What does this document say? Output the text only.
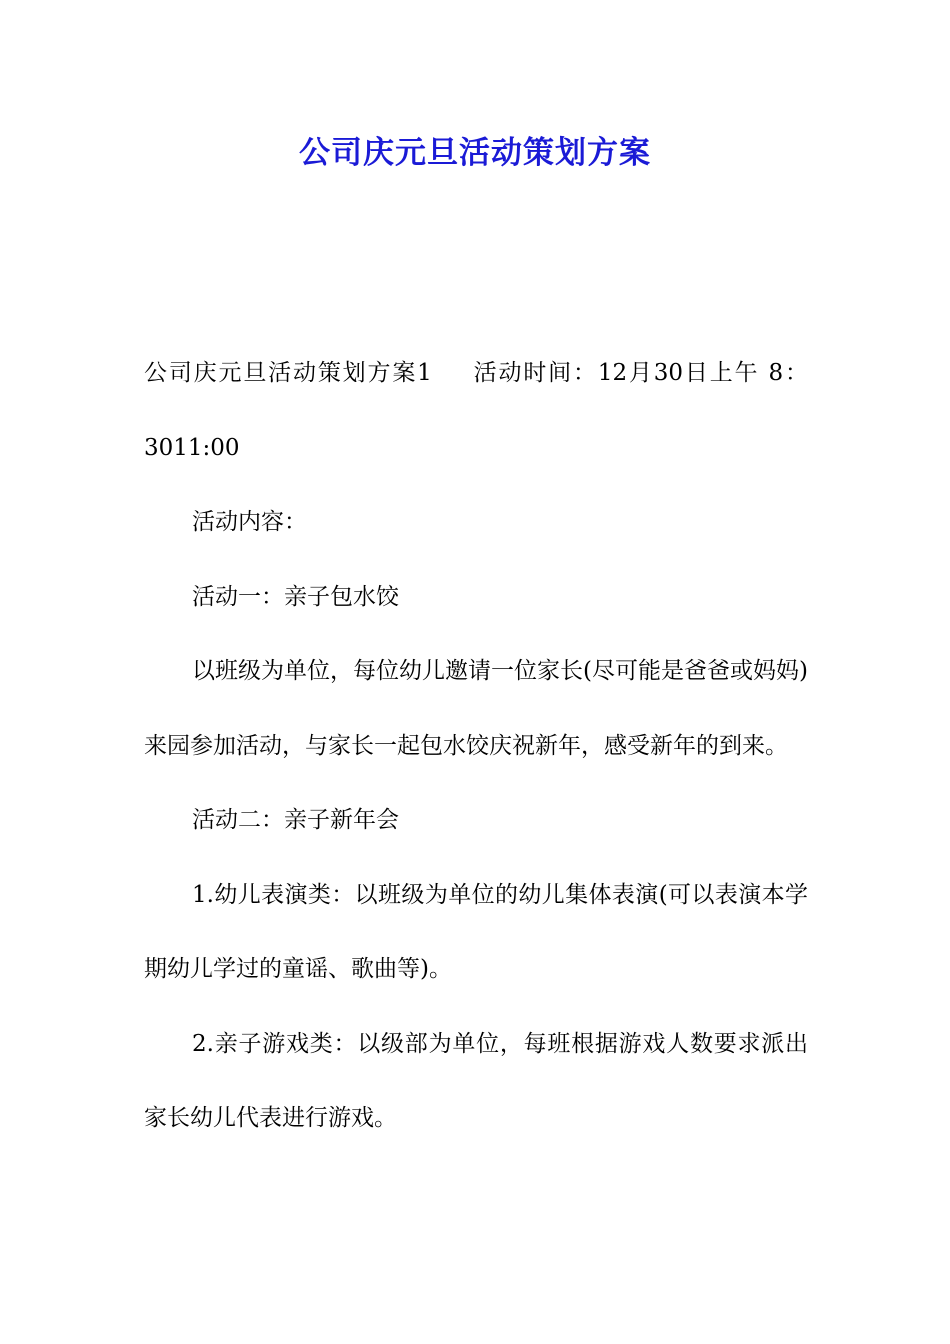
公司庆元旦活动策划方案

公司庆元旦活动策划方案1 活动时间：12月30日上午 8：3011:00

活动内容：

活动一：亲子包水饺

以班级为单位，每位幼儿邀请一位家长(尽可能是爸爸或妈妈)来园参加活动，与家长一起包水饺庆祝新年，感受新年的到来。

活动二：亲子新年会

1.幼儿表演类：以班级为单位的幼儿集体表演(可以表演本学期幼儿学过的童谣、歌曲等)。

2.亲子游戏类：以级部为单位，每班根据游戏人数要求派出家长幼儿代表进行游戏。
